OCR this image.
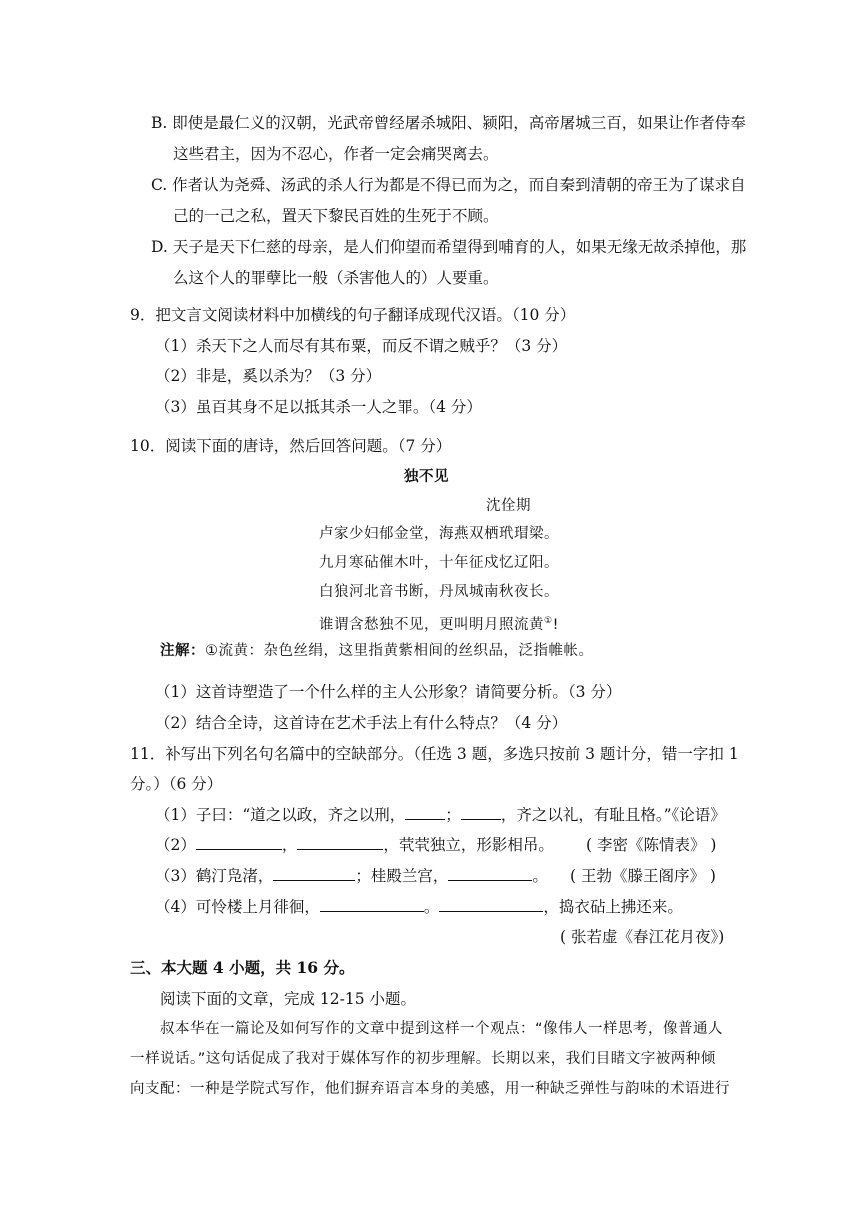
B. 即使是最仁义的汉朝，光武帝曾经屠杀城阳、颍阳，高帝屠城三百，如果让作者侍奉
这些君主，因为不忍心，作者一定会痛哭离去。
C. 作者认为尧舜、汤武的杀人行为都是不得已而为之，而自秦到清朝的帝王为了谋求自
己的一己之私，置天下黎民百姓的生死于不顾。
D. 天子是天下仁慈的母亲，是人们仰望而希望得到哺育的人，如果无缘无故杀掉他，那
么这个人的罪孽比一般（杀害他人的）人要重。
9．把文言文阅读材料中加横线的句子翻译成现代汉语。（10 分）
（1）杀天下之人而尽有其布粟，而反不谓之贼乎？（3 分）
（2）非是，奚以杀为？（3 分）
（3）虽百其身不足以抵其杀一人之罪。（4 分）
10．阅读下面的唐诗，然后回答问题。（7 分）
独不见
沈佺期
卢家少妇郁金堂，海燕双栖玳瑁梁。
九月寒砧催木叶，十年征戍忆辽阳。
白狼河北音书断，丹凤城南秋夜长。
谁谓含愁独不见，更叫明月照流黄①!
注解：①流黄：杂色丝绢，这里指黄紫相间的丝织品，泛指帷帐。
（1）这首诗塑造了一个什么样的主人公形象？请简要分析。（3 分）
（2）结合全诗，这首诗在艺术手法上有什么特点？（4 分）
11．补写出下列名句名篇中的空缺部分。（任选 3 题，多选只按前 3 题计分，错一字扣 1
分。）（6 分）
（1）子曰：“道之以政，齐之以刑，	；	，齐之以礼，有耻且格。”《论语》
（2）	，	，茕茕独立，形影相吊。 ( 李密《陈情表》 )
（3）鹤汀凫渚，	；桂殿兰宫，	。 ( 王勃《滕王阁序》 )
（4）可怜楼上月徘徊，	。	，捣衣砧上拂还来。
( 张若虚《春江花月夜》)
三、本大题 4 小题，共 16 分。
阅读下面的文章，完成 12-15 小题。
叔本华在一篇论及如何写作的文章中提到这样一个观点：“像伟人一样思考，像普通人
一样说话。”这句话促成了我对于媒体写作的初步理解。长期以来，我们目睹文字被两种倾
向支配：一种是学院式写作，他们摒弃语言本身的美感，用一种缺乏弹性与韵味的术语进行
